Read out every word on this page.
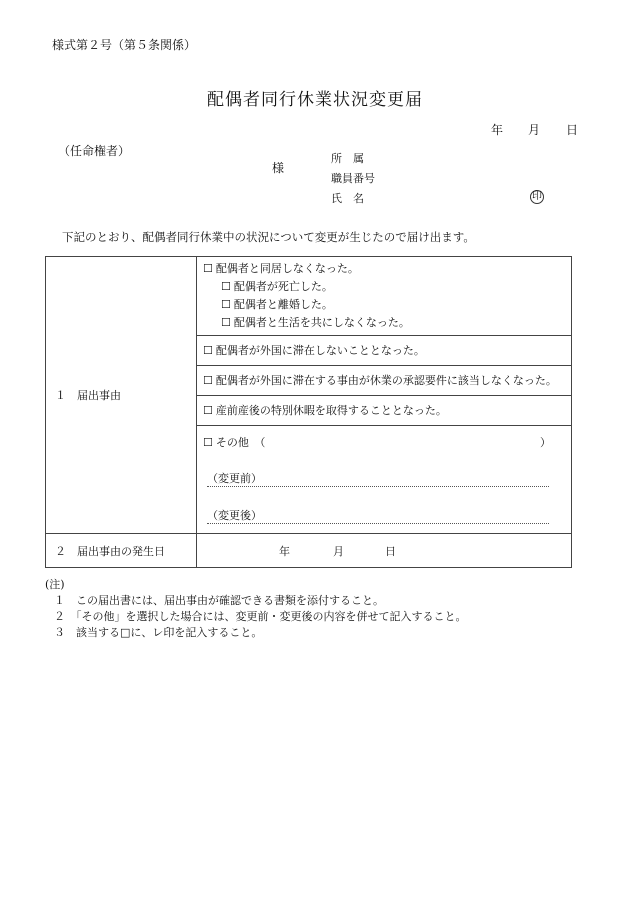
様式第２号（第５条関係）
配偶者同行休業状況変更届
年 月 日
（任命権者）
様
所　属
職員番号
氏　名	印
下記のとおり、配偶者同行休業中の状況について変更が生じたので届け出ます。
１　届出事由	☐ 配偶者と同居しなくなった。
☐ 配偶者が死亡した。
☐ 配偶者と離婚した。
☐ 配偶者と生活を共にしなくなった。

	☐ 配偶者が外国に滞在しないこととなった。

	☐ 配偶者が外国に滞在する事由が休業の承認要件に該当しなくなった。

	☐ 産前産後の特別休暇を取得することとなった。

	☐ その他　（ ）
（変更前）
（変更後）

２　届出事由の発生日	年 月 日
(注)
１　この届出書には、届出事由が確認できる書類を添付すること。
２　「その他」を選択した場合には、変更前・変更後の内容を併せて記入すること。
３　該当する□に、レ印を記入すること。
